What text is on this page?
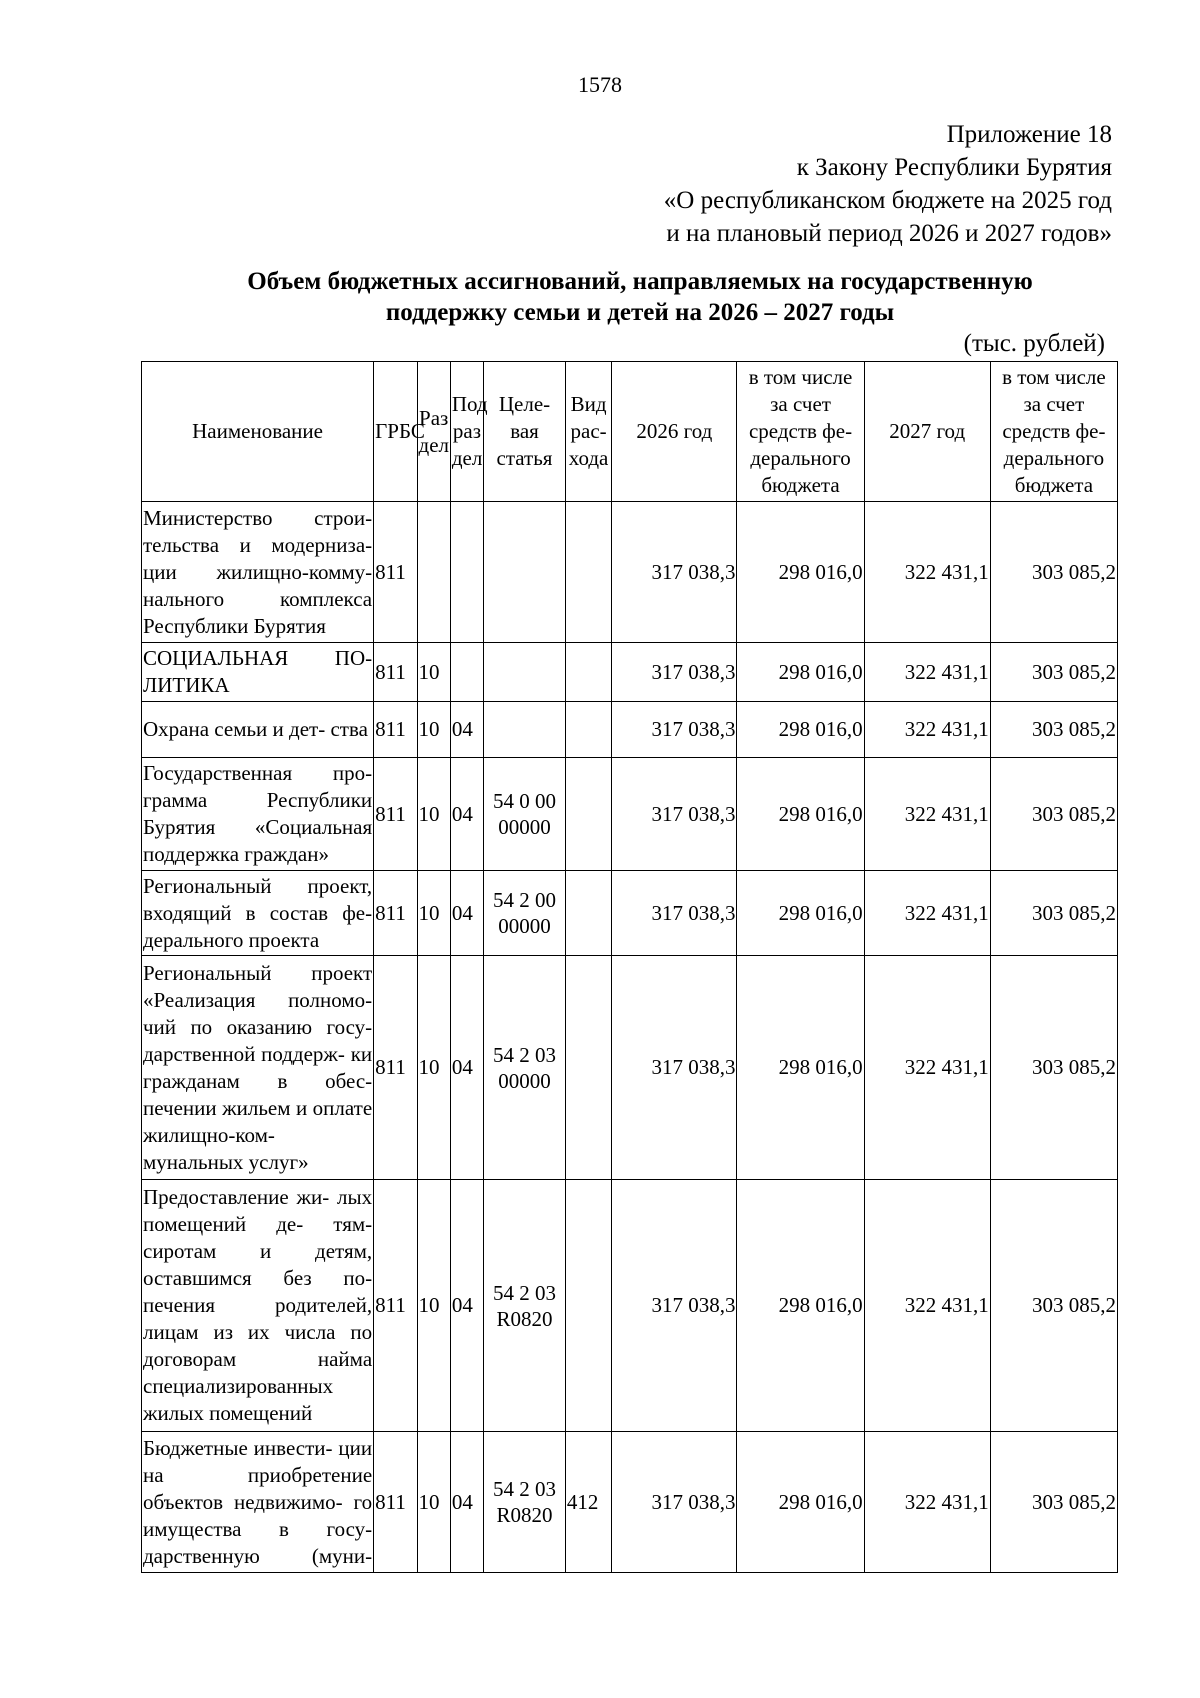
1578
Приложение 18
к Закону Республики Бурятия
«О республиканском бюджете на 2025 год
и на плановый период 2026 и 2027 годов»
Объем бюджетных ассигнований, направляемых на государственную
поддержку семьи и детей на 2026 – 2027 годы
(тыс. рублей)
Наименование	ГРБС	Раз дел	Под раз дел	Целе- вая статья	Вид рас- хода	2026 год	в том числе за счет средств фе- дерального бюджета	2027 год	в том числе за счет средств фе- дерального бюджета
Министерство строи- тельства и модерниза- ции жилищно-комму- нального комплекса Республики Бурятия	811					317 038,3	298 016,0	322 431,1	303 085,2
СОЦИАЛЬНАЯ ПО- ЛИТИКА	811	10				317 038,3	298 016,0	322 431,1	303 085,2
Охрана семьи и дет- ства	811	10	04			317 038,3	298 016,0	322 431,1	303 085,2
Государственная про- грамма Республики Бурятия «Социальная поддержка граждан»	811	10	04	54 0 00 00000		317 038,3	298 016,0	322 431,1	303 085,2
Региональный проект, входящий в состав фе- дерального проекта	811	10	04	54 2 00 00000		317 038,3	298 016,0	322 431,1	303 085,2
Региональный проект «Реализация полномо- чий по оказанию госу- дарственной поддерж- ки гражданам в обес- печении жильем и оплате жилищно-ком- мунальных услуг»	811	10	04	54 2 03 00000		317 038,3	298 016,0	322 431,1	303 085,2
Предоставление жи- лых помещений де- тям-сиротам и детям, оставшимся без по- печения родителей, лицам из их числа по договорам найма специализированных жилых помещений	811	10	04	54 2 03 R0820		317 038,3	298 016,0	322 431,1	303 085,2
Бюджетные инвести- ции на приобретение объектов недвижимо- го имущества в госу- дарственную (муни-	811	10	04	54 2 03 R0820	412	317 038,3	298 016,0	322 431,1	303 085,2
